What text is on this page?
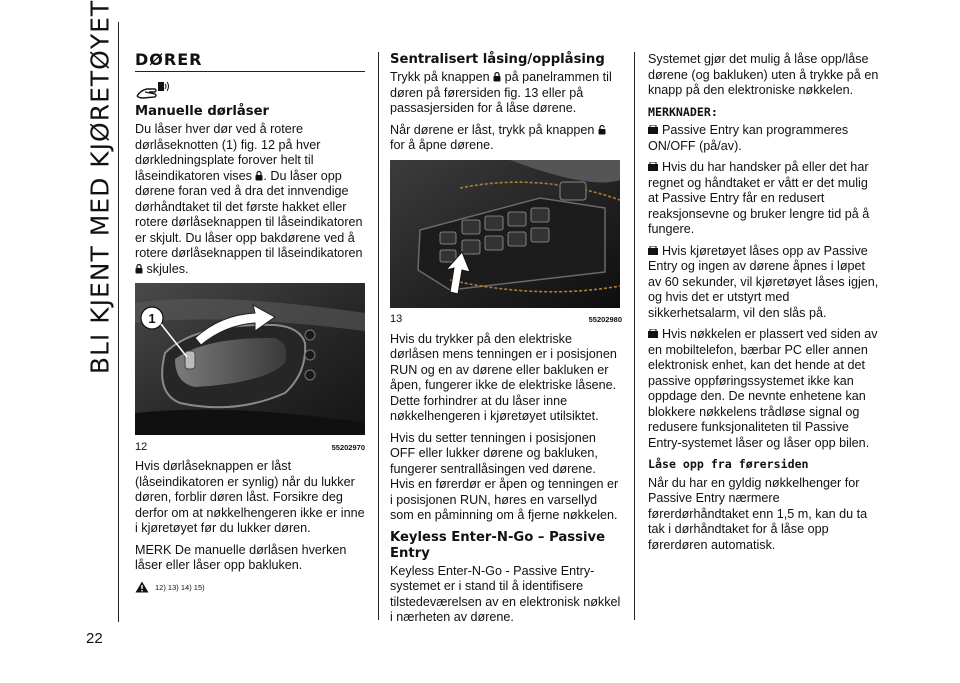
BLI KJENT MED KJØRETØYET
22
DØRER
Manuelle dørlåser

Du låser hver dør ved å rotere dørlåseknotten (1) fig. 12 på hver dørkledningsplate forover helt til låseindikatoren vises . Du låser opp dørene foran ved å dra det innvendige dørhåndtaket til det første hakket eller rotere dørlåseknappen til låseindikatoren er skjult. Du låser opp bakdørene ved å rotere dørlåseknappen til låseindikatoren  skjules.

1
12	55202970

Hvis dørlåseknappen er låst (låseindikatoren er synlig) når du lukker døren, forblir døren låst. Forsikre deg derfor om at nøkkelhengeren ikke er inne i kjøretøyet før du lukker døren.

MERK De manuelle dørlåsen hverken låser eller låser opp bakluken.

12) 13) 14) 15)
Sentralisert låsing/opplåsing

Trykk på knappen  på panelrammen til døren på førersiden fig. 13 eller på passasjersiden for å låse dørene.

Når dørene er låst, trykk på knappen  for å åpne dørene.

13	55202980

Hvis du trykker på den elektriske dørlåsen mens tenningen er i posisjonen RUN og en av dørene eller bakluken er åpen, fungerer ikke de elektriske låsene. Dette forhindrer at du låser inne nøkkelhengeren i kjøretøyet utilsiktet.

Hvis du setter tenningen i posisjonen OFF eller lukker dørene og bakluken, fungerer sentrallåsingen ved dørene. Hvis en førerdør er åpen og tenningen er i posisjonen RUN, høres en varsellyd som en påminning om å fjerne nøkkelen.

Keyless Enter-N-Go – Passive Entry

Keyless Enter-N-Go - Passive Entry-systemet er i stand til å identifisere tilstedeværelsen av en elektronisk nøkkel i nærheten av dørene.

Systemet gjør det mulig å låse opp/låse dørene (og bakluken) uten å trykke på en knapp på den elektroniske nøkkelen.

MERKNADER:

Passive Entry kan programmeres ON/OFF (på/av).

Hvis du har handsker på eller det har regnet og håndtaket er vått er det mulig at Passive Entry får en redusert reaksjonsevne og bruker lengre tid på å fungere.

Hvis kjøretøyet låses opp av Passive Entry og ingen av dørene åpnes i løpet av 60 sekunder, vil kjøretøyet låses igjen, og hvis det er utstyrt med sikkerhetsalarm, vil den slås på.

Hvis nøkkelen er plassert ved siden av en mobiltelefon, bærbar PC eller annen elektronisk enhet, kan det hende at det passive oppføringssystemet ikke kan oppdage den. De nevnte enhetene kan blokkere nøkkelens trådløse signal og redusere funksjonaliteten til Passive Entry-systemet låser og låser opp bilen.

Låse opp fra førersiden

Når du har en gyldig nøkkelhenger for Passive Entry nærmere førerdørhåndtaket enn 1,5 m, kan du ta tak i dørhåndtaket for å låse opp førerdøren automatisk.
